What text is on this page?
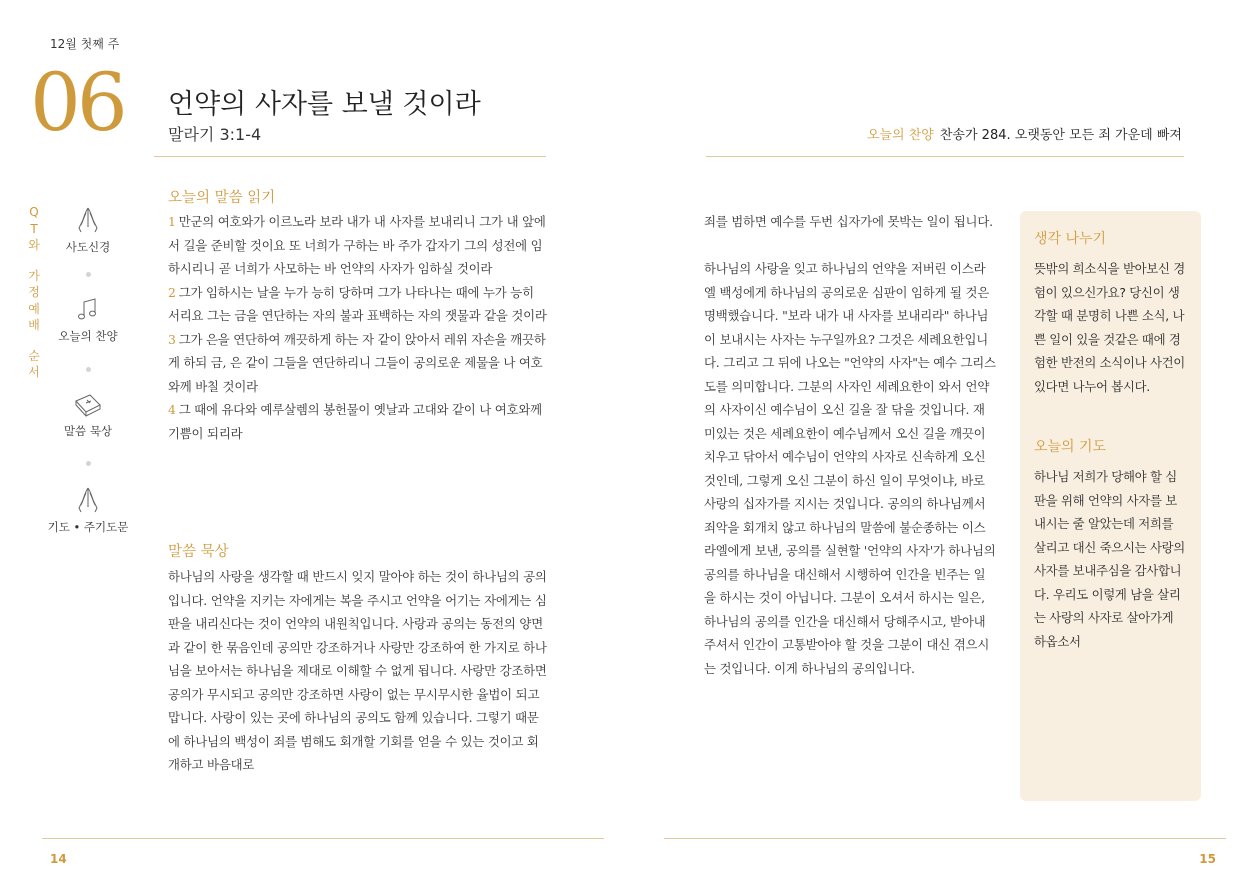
12월 첫째 주
06 언약의 사자를 보낼 것이라
말라기 3:1-4	오늘의 찬양 찬송가 284. 오랫동안 모든 죄 가운데 빠져
Q
T
와
가
정
예
배
순
서
사도신경
오늘의 찬양
말씀 묵상
기도 • 주기도문
오늘의 말씀 읽기
1 만군의 여호와가 이르노라 보라 내가 내 사자를 보내리니 그가 내 앞에서 길을 준비할 것이요 또 너희가 구하는 바 주가 갑자기 그의 성전에 임하시리니 곧 너희가 사모하는 바 언약의 사자가 임하실 것이라
2 그가 임하시는 날을 누가 능히 당하며 그가 나타나는 때에 누가 능히 서리요 그는 금을 연단하는 자의 불과 표백하는 자의 잿물과 같을 것이라
3 그가 은을 연단하여 깨끗하게 하는 자 같이 앉아서 레위 자손을 깨끗하게 하되 금, 은 같이 그들을 연단하리니 그들이 공의로운 제물을 나 여호와께 바칠 것이라
4 그 때에 유다와 예루살렘의 봉헌물이 옛날과 고대와 같이 나 여호와께 기쁨이 되리라
말씀 묵상
하나님의 사랑을 생각할 때 반드시 잊지 말아야 하는 것이 하나님의 공의입니다. 언약을 지키는 자에게는 복을 주시고 언약을 어기는 자에게는 심판을 내리신다는 것이 언약의 내원칙입니다. 사랑과 공의는 동전의 양면과 같이 한 묶음인데 공의만 강조하거나 사랑만 강조하여 한 가지로 하나님을 보아서는 하나님을 제대로 이해할 수 없게 됩니다. 사랑만 강조하면 공의가 무시되고 공의만 강조하면 사랑이 없는 무시무시한 율법이 되고 맙니다. 사랑이 있는 곳에 하나님의 공의도 함께 있습니다. 그렇기 때문에 하나님의 백성이 죄를 범해도 회개할 기회를 얻을 수 있는 것이고 회개하고 바음대로
죄를 범하면 예수를 두번 십자가에 못박는 일이 됩니다.

하나님의 사랑을 잊고 하나님의 언약을 저버린 이스라엘 백성에게 하나님의 공의로운 심판이 임하게 될 것은 명백했습니다. "보라 내가 내 사자를 보내리라" 하나님이 보내시는 사자는 누구일까요? 그것은 세례요한입니다. 그리고 그 뒤에 나오는 "언약의 사자"는 예수 그리스도를 의미합니다. 그분의 사자인 세례요한이 와서 언약의 사자이신 예수님이 오신 길을 잘 닦을 것입니다. 재미있는 것은 세례요한이 예수님께서 오신 길을 깨끗이 치우고 닦아서 예수님이 언약의 사자로 신속하게 오신 것인데, 그렇게 오신 그분이 하신 일이 무엇이냐, 바로 사랑의 십자가를 지시는 것입니다. 공의의 하나님께서 죄악을 회개치 않고 하나님의 말씀에 불순종하는 이스라엘에게 보낸, 공의를 실현할 '언약의 사자'가 하나님의 공의를 하나님을 대신해서 시행하여 인간을 빈주는 일을 하시는 것이 아닙니다. 그분이 오셔서 하시는 일은, 하나님의 공의를 인간을 대신해서 당해주시고, 받아내 주셔서 인간이 고통받아야 할 것을 그분이 대신 겪으시는 것입니다. 이게 하나님의 공의입니다.
생각 나누기
뜻밖의 희소식을 받아보신 경험이 있으신가요? 당신이 생각할 때 분명히 나쁜 소식, 나쁜 일이 있을 것같은 때에 경험한 반전의 소식이나 사건이 있다면 나누어 봅시다.
오늘의 기도
하나님 저희가 당해야 할 심판을 위해 언약의 사자를 보내시는 줄 알았는데 저희를 살리고 대신 죽으시는 사랑의 사자를 보내주심을 감사합니다. 우리도 이렇게 남을 살리는 사랑의 사자로 살아가게 하옵소서
14	15
